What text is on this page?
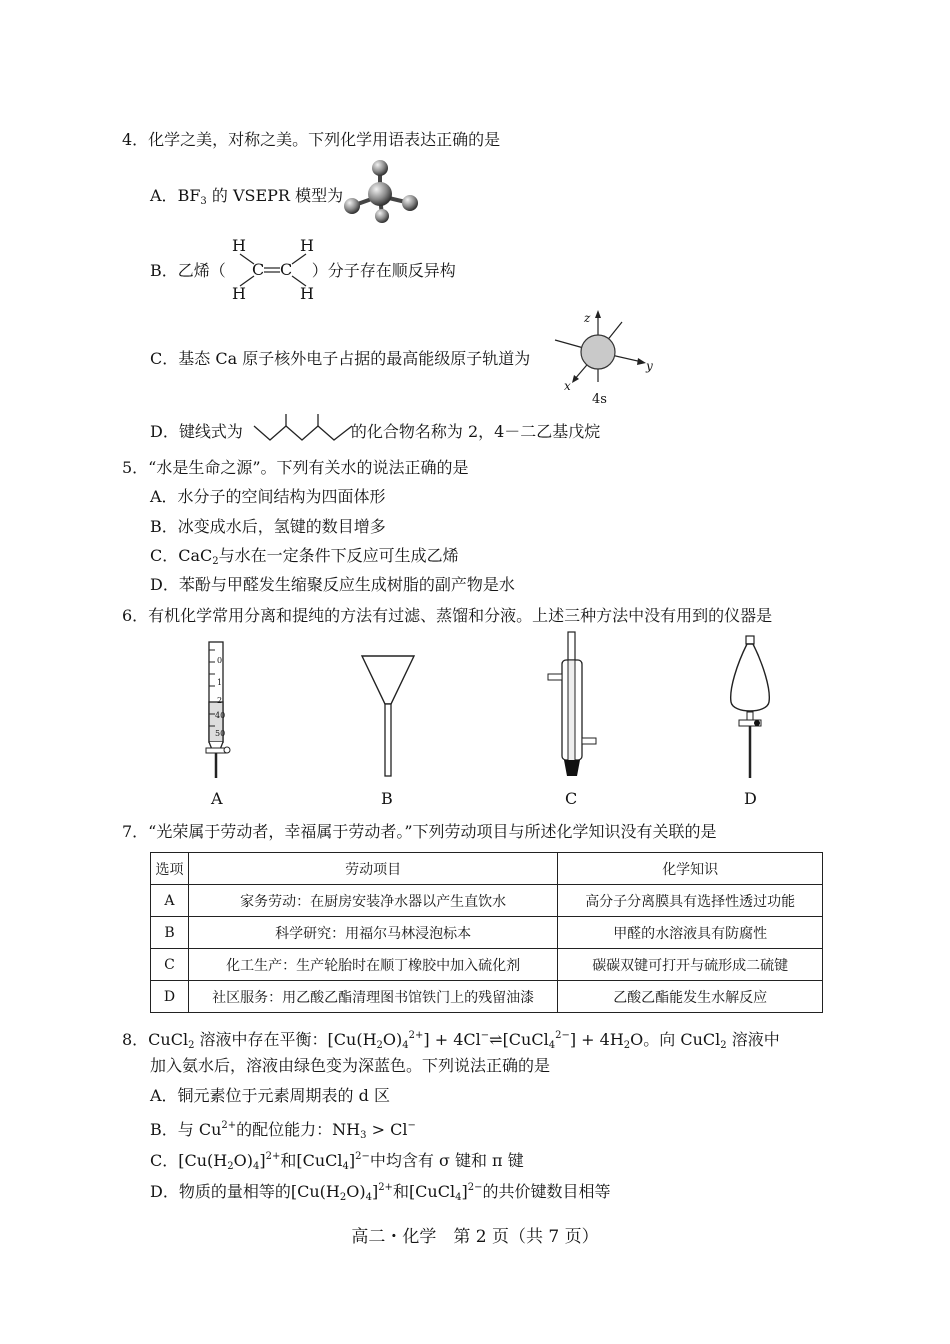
4．化学之美，对称之美。下列化学用语表达正确的是
A．$BF_3$ 的 VSEPR 模型为
B．乙烯（	）分子存在顺反异构
H	H
C C
H	H
C．基态 Ca 原子核外电子占据的最高能级原子轨道为
z
y
x
4s
D．键线式为	的化合物名称为 2，4－二乙基戊烷
5．“水是生命之源”。下列有关水的说法正确的是
A．水分子的空间结构为四面体形
B．冰变成水后，氢键的数目增多
C．CaC$_2$与水在一定条件下反应可生成乙烯
D．苯酚与甲醛发生缩聚反应生成树脂的副产物是水
6．有机化学常用分离和提纯的方法有过滤、蒸馏和分液。上述三种方法中没有用到的仪器是
0
1
2
40
50
A	B	C	D
7．“光荣属于劳动者，幸福属于劳动者。”下列劳动项目与所述化学知识没有关联的是
选项	劳动项目	化学知识
A	家务劳动：在厨房安装净水器以产生直饮水	高分子分离膜具有选择性透过功能
B	科学研究：用福尔马林浸泡标本	甲醛的水溶液具有防腐性
C	化工生产：生产轮胎时在顺丁橡胶中加入硫化剂	碳碳双键可打开与硫形成二硫键
D	社区服务：用乙酸乙酯清理图书馆铁门上的残留油漆	乙酸乙酯能发生水解反应
8．CuCl$_2$ 溶液中存在平衡：$[Cu(H_2O)_4^{2+}]$ + 4Cl−⇌[CuCl$_4^{2-}$] + $4H_2O$。向 CuCl$_2$ 溶液中
加入氨水后，溶液由绿色变为深蓝色。下列说法正确的是
A．铜元素位于元素周期表的 d 区
B．与 $Cu^{2+}$的配位能力：$NH_3 > Cl^-$
C．$[Cu(H_2O)_4]^{2+}$和[CuCl$_4$]$^{2-}$中均含有 σ 键和 π 键
D．物质的量相等的$[Cu(H_2O)_4]^{2+}$和[CuCl$_4$]$^{2-}$的共价键数目相等
高二・化学　第 2 页（共 7 页）
